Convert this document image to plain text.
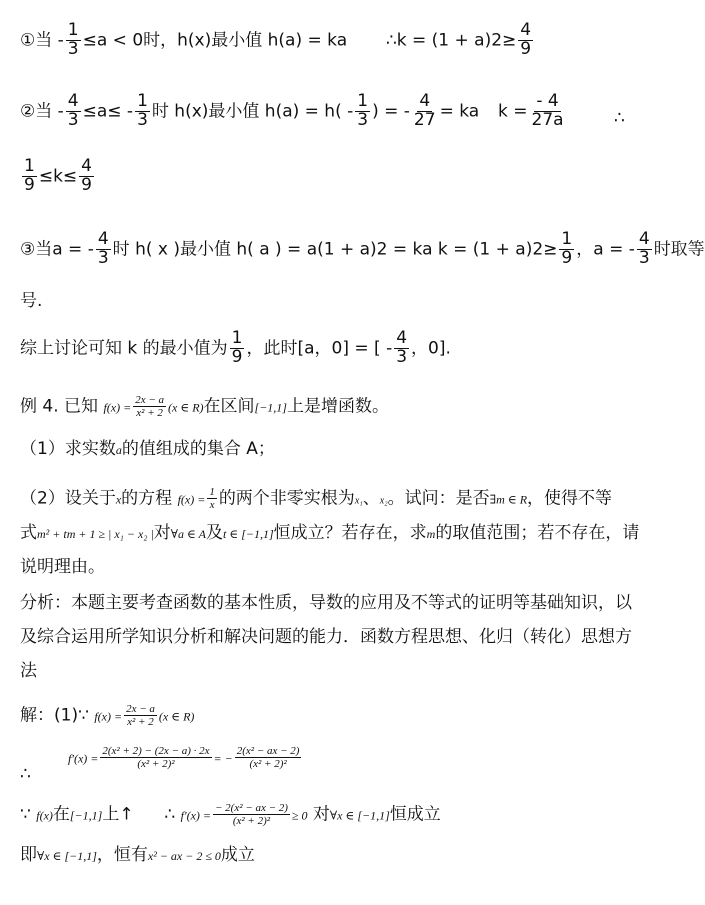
①当 - $\frac{1}{3} \le a < 0$时，h(x)最小值 h(a) = ka ∴k = $(1 + a)2\ge \frac{4}{9}$
②当 - $\frac{4}{3} \le a\le - \frac{1}{3}$ 时 h(x)最小值 $h(a) = h( - \frac{1}{3}$ ) = - $\frac{4}{27}$ = ka $k = \frac{- 4}{27a}$	∴
$\frac{1}{9} \le k\le \frac{4}{9}$
③当a = - $\frac{4}{3}$ 时 h( x )最小值 h( a ) = a(1 + a)2 = ka $k = (1 + a)2\ge \frac{1}{9}$ ，a = - $\frac{4}{3}$ 时取等
号.
综上讨论可知 k 的最小值为 $\frac{1}{9}$ ，此时[a，0] = [ - $\frac{4}{3}$ ，0].
例 4. 已知 $f(x) = \frac{2x - a}{\text{x² + 2}} (x$ ∈ R)在区间[−1,1]上是增函数。
（1）求实数a的值组成的集合 A；
（2）设关于x的方程 $f(x) = \frac{1}{x}$ 的两个非零实根为x₁、x₂。试问：是否∃m ∈ R，使得不等
式m² + tm + 1 ≥ | x₁ − x₂ |对∀a ∈ A及t ∈ [−1,1]恒成立？若存在，求m的取值范围；若不存在，请
说明理由。
分析：本题主要考查函数的基本性质，导数的应用及不等式的证明等基础知识，以
及综合运用所学知识分析和解决问题的能力．函数方程思想、化归（转化）思想方
法
解：(1)∵ $f(x) = \frac{2x - a}{\text{x² + 2}} (x$ ∈ R)
$f'(x) = \frac{\text{2(x² + 2) − (2x − a) · 2x}}{\text{(x² + 2)²}}$ = − $\frac{\text{2(x² − ax − 2)}}{\text{(x² + 2)²}}$
∴
∵ f(x)在[−1,1]上↑ ∴ $f'(x) = \frac{\text{− 2(x² − ax − 2)}}{\text{(x² + 2)²}} \ge 0$ 对∀x ∈ [−1,1]恒成立
即∀x ∈ [−1,1]，恒有x² − ax − 2 ≤ 0成立
